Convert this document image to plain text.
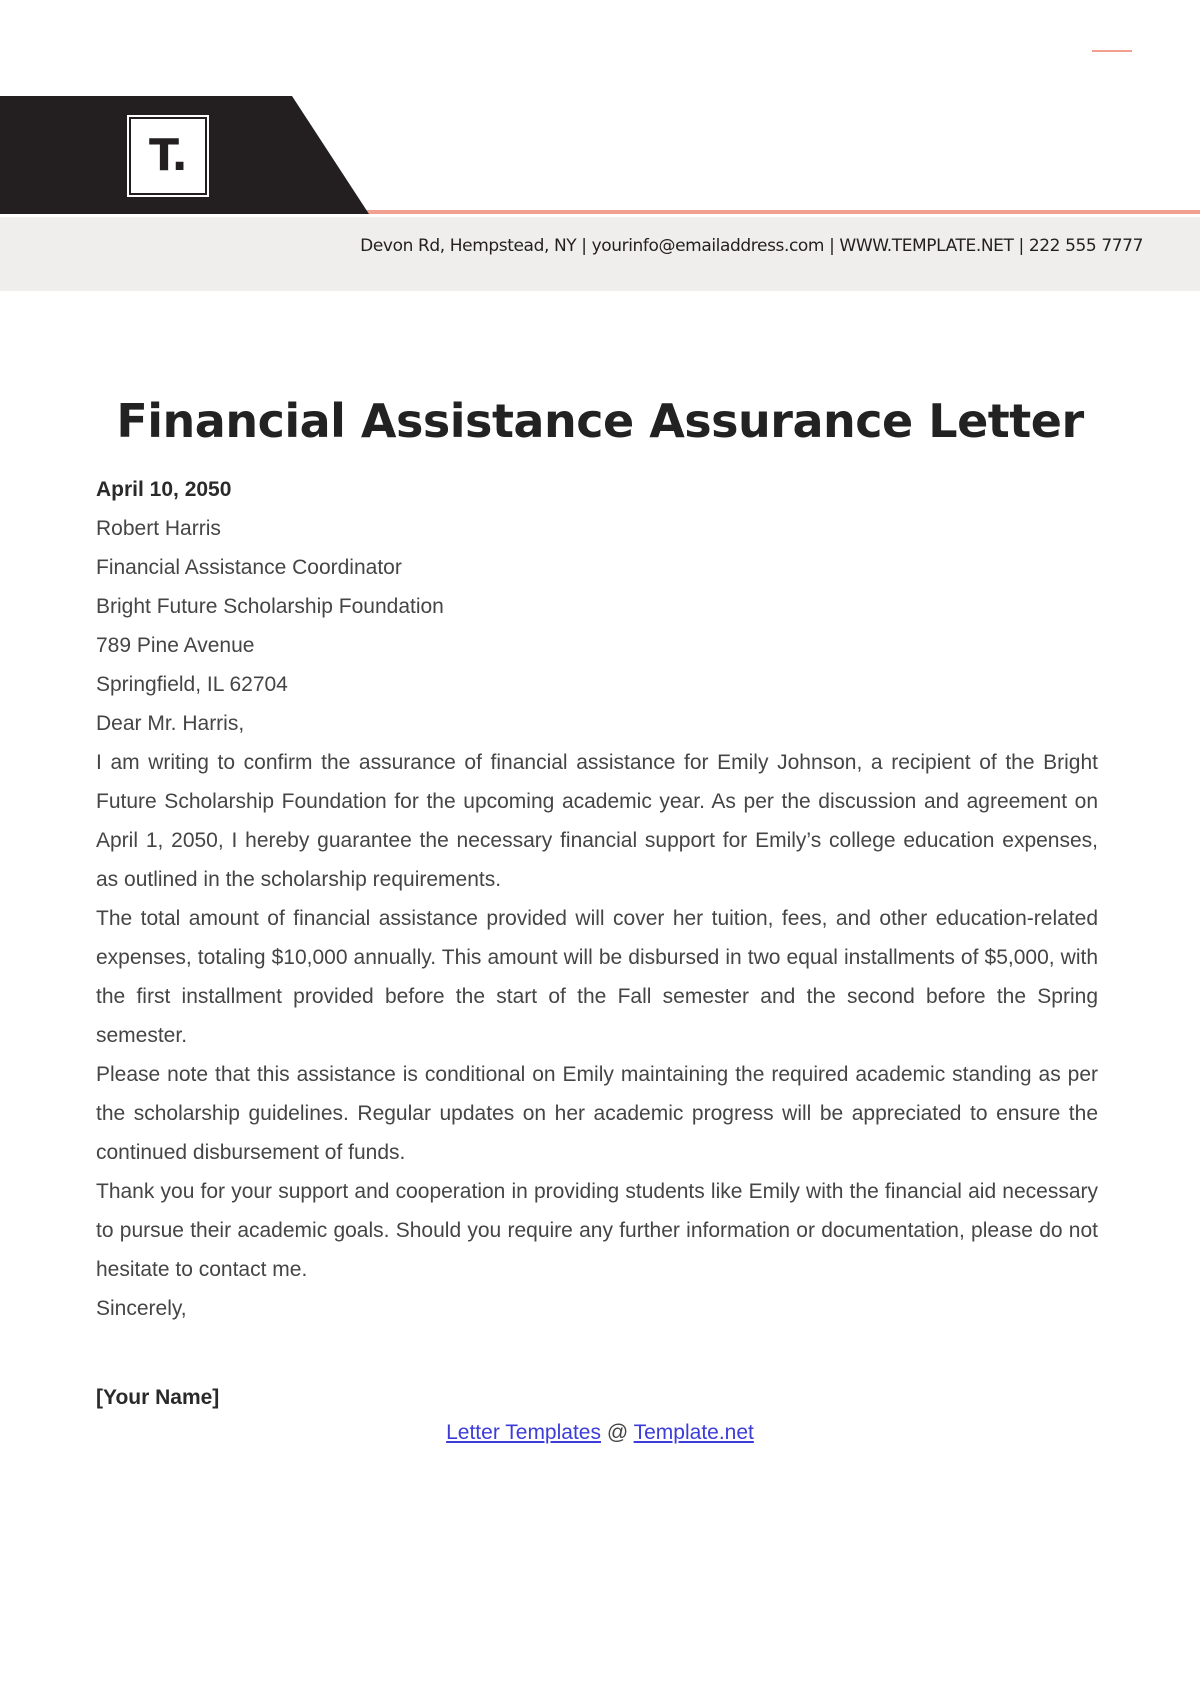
T.
Devon Rd, Hempstead, NY | yourinfo@emailaddress.com | WWW.TEMPLATE.NET | 222 555 7777
Financial Assistance Assurance Letter

April 10, 2050

Robert Harris

Financial Assistance Coordinator

Bright Future Scholarship Foundation

789 Pine Avenue

Springfield, IL 62704

Dear Mr. Harris,

I am writing to confirm the assurance of financial assistance for Emily Johnson, a recipient of the Bright Future Scholarship Foundation for the upcoming academic year. As per the discussion and agreement on April 1, 2050, I hereby guarantee the necessary financial support for Emily’s college education expenses, as outlined in the scholarship requirements.

The total amount of financial assistance provided will cover her tuition, fees, and other education-related expenses, totaling $10,000 annually. This amount will be disbursed in two equal installments of $5,000, with the first installment provided before the start of the Fall semester and the second before the Spring semester.

Please note that this assistance is conditional on Emily maintaining the required academic standing as per the scholarship guidelines. Regular updates on her academic progress will be appreciated to ensure the continued disbursement of funds.

Thank you for your support and cooperation in providing students like Emily with the financial aid necessary to pursue their academic goals. Should you require any further information or documentation, please do not hesitate to contact me.

Sincerely,

[Your Name]

Letter Templates @ Template.net
